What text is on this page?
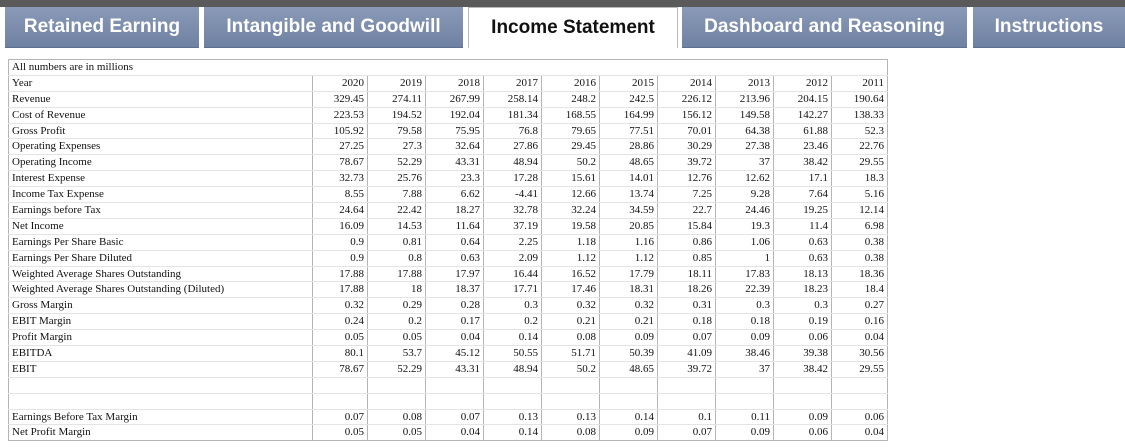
Retained Earning	Intangible and Goodwill	Income Statement	Dashboard and Reasoning	Instructions
All numbers are in millions										
Year	2020	2019	2018	2017	2016	2015	2014	2013	2012	2011
Revenue	329.45	274.11	267.99	258.14	248.2	242.5	226.12	213.96	204.15	190.64
Cost of Revenue	223.53	194.52	192.04	181.34	168.55	164.99	156.12	149.58	142.27	138.33
Gross Profit	105.92	79.58	75.95	76.8	79.65	77.51	70.01	64.38	61.88	52.3
Operating Expenses	27.25	27.3	32.64	27.86	29.45	28.86	30.29	27.38	23.46	22.76
Operating Income	78.67	52.29	43.31	48.94	50.2	48.65	39.72	37	38.42	29.55
Interest Expense	32.73	25.76	23.3	17.28	15.61	14.01	12.76	12.62	17.1	18.3
Income Tax Expense	8.55	7.88	6.62	-4.41	12.66	13.74	7.25	9.28	7.64	5.16
Earnings before Tax	24.64	22.42	18.27	32.78	32.24	34.59	22.7	24.46	19.25	12.14
Net Income	16.09	14.53	11.64	37.19	19.58	20.85	15.84	19.3	11.4	6.98
Earnings Per Share Basic	0.9	0.81	0.64	2.25	1.18	1.16	0.86	1.06	0.63	0.38
Earnings Per Share Diluted	0.9	0.8	0.63	2.09	1.12	1.12	0.85	1	0.63	0.38
Weighted Average Shares Outstanding	17.88	17.88	17.97	16.44	16.52	17.79	18.11	17.83	18.13	18.36
Weighted Average Shares Outstanding (Diluted)	17.88	18	18.37	17.71	17.46	18.31	18.26	22.39	18.23	18.4
Gross Margin	0.32	0.29	0.28	0.3	0.32	0.32	0.31	0.3	0.3	0.27
EBIT Margin	0.24	0.2	0.17	0.2	0.21	0.21	0.18	0.18	0.19	0.16
Profit Margin	0.05	0.05	0.04	0.14	0.08	0.09	0.07	0.09	0.06	0.04
EBITDA	80.1	53.7	45.12	50.55	51.71	50.39	41.09	38.46	39.38	30.56
EBIT	78.67	52.29	43.31	48.94	50.2	48.65	39.72	37	38.42	29.55

Earnings Before Tax Margin	0.07	0.08	0.07	0.13	0.13	0.14	0.1	0.11	0.09	0.06
Net Profit Margin	0.05	0.05	0.04	0.14	0.08	0.09	0.07	0.09	0.06	0.04
